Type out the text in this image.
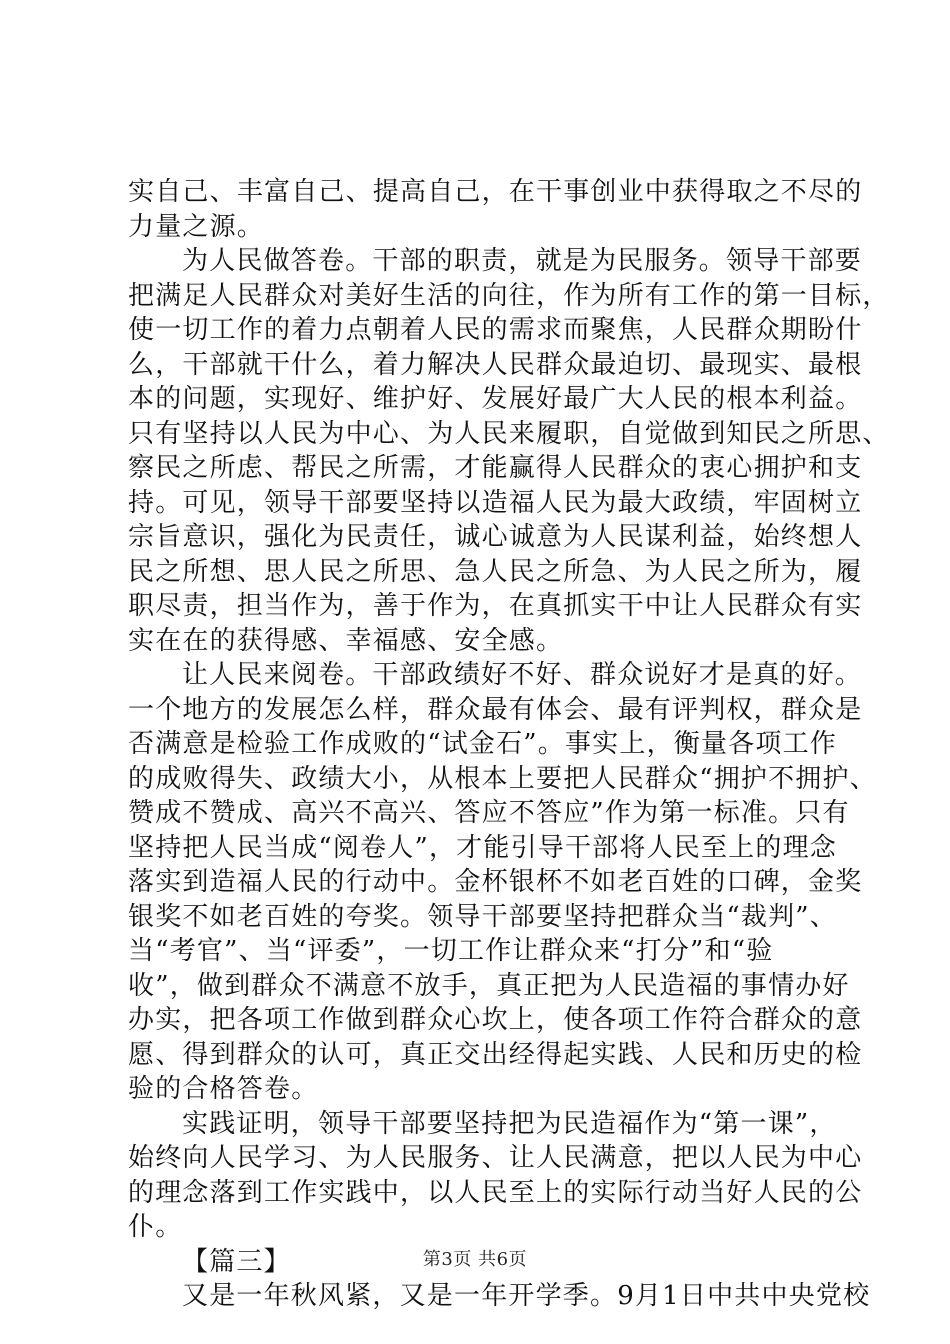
实自己、丰富自己、提高自己，在干事创业中获得取之不尽的
力量之源。
为人民做答卷。干部的职责，就是为民服务。领导干部要
把满足人民群众对美好生活的向往，作为所有工作的第一目标，
使一切工作的着力点朝着人民的需求而聚焦，人民群众期盼什
么，干部就干什么，着力解决人民群众最迫切、最现实、最根
本的问题，实现好、维护好、发展好最广大人民的根本利益。
只有坚持以人民为中心、为人民来履职，自觉做到知民之所思、
察民之所虑、帮民之所需，才能赢得人民群众的衷心拥护和支
持。可见，领导干部要坚持以造福人民为最大政绩，牢固树立
宗旨意识，强化为民责任，诚心诚意为人民谋利益，始终想人
民之所想、思人民之所思、急人民之所急、为人民之所为，履
职尽责，担当作为，善于作为，在真抓实干中让人民群众有实
实在在的获得感、幸福感、安全感。
让人民来阅卷。干部政绩好不好、群众说好才是真的好。
一个地方的发展怎么样，群众最有体会、最有评判权，群众是
否满意是检验工作成败的“试金石”。事实上，衡量各项工作
的成败得失、政绩大小，从根本上要把人民群众“拥护不拥护、
赞成不赞成、高兴不高兴、答应不答应”作为第一标准。只有
坚持把人民当成“阅卷人”，才能引导干部将人民至上的理念
落实到造福人民的行动中。金杯银杯不如老百姓的口碑，金奖
银奖不如老百姓的夸奖。领导干部要坚持把群众当“裁判”、
当“考官”、当“评委”，一切工作让群众来“打分”和“验
收”，做到群众不满意不放手，真正把为人民造福的事情办好
办实，把各项工作做到群众心坎上，使各项工作符合群众的意
愿、得到群众的认可，真正交出经得起实践、人民和历史的检
验的合格答卷。
实践证明，领导干部要坚持把为民造福作为“第一课”，
始终向人民学习、为人民服务、让人民满意，把以人民为中心
的理念落到工作实践中，以人民至上的实际行动当好人民的公
仆。
【篇三】
又是一年秋风紧，又是一年开学季。9月1日中共中央党校
第3页 共6页
